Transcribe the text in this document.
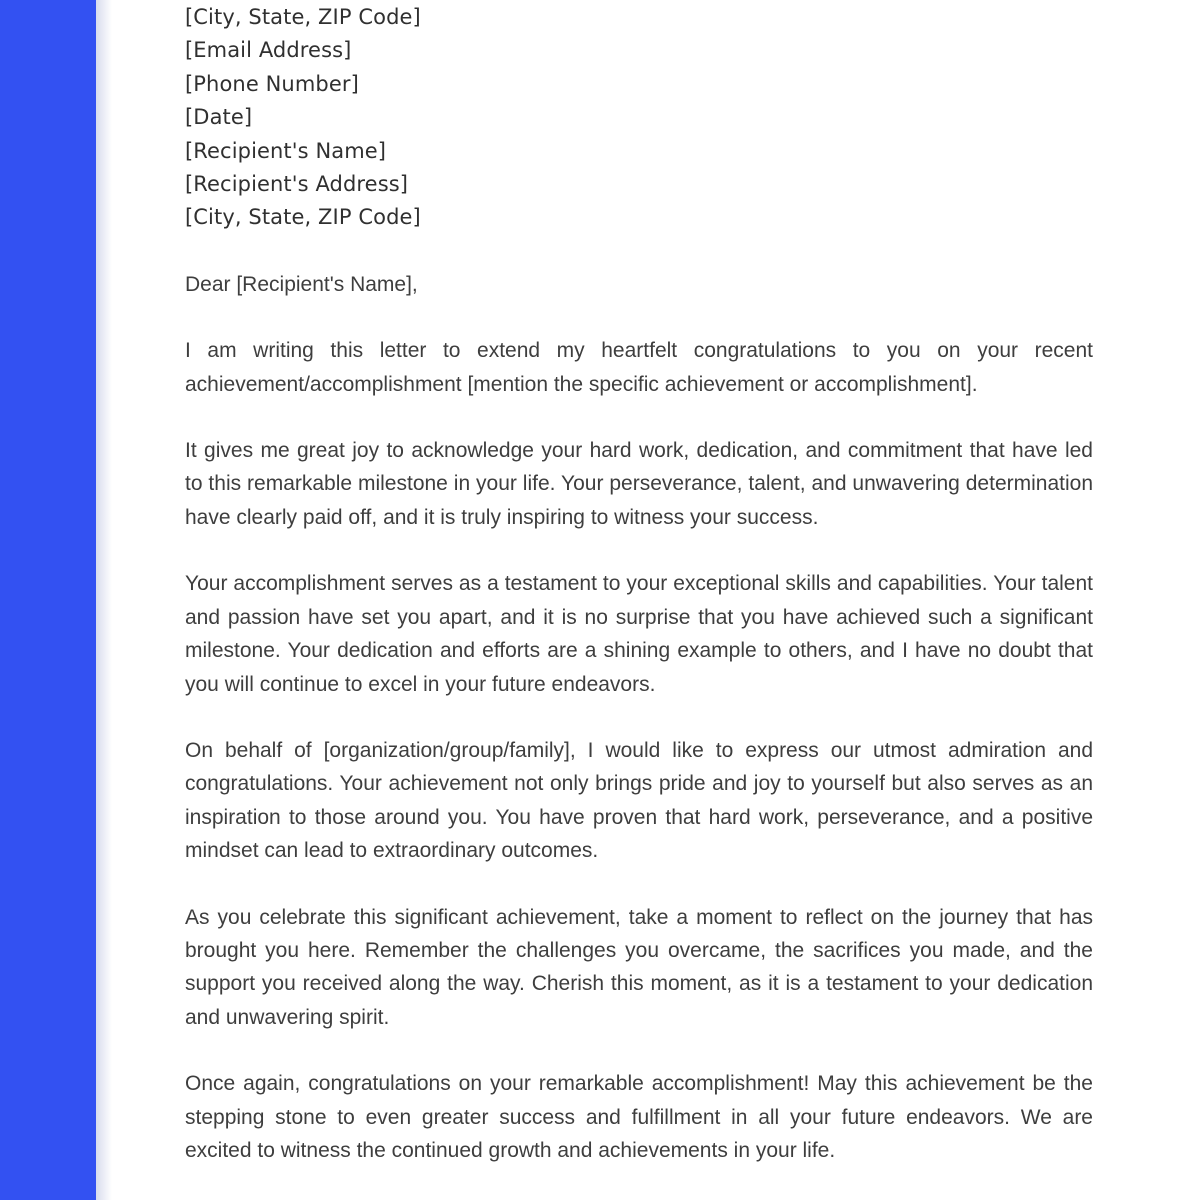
[City, State, ZIP Code]
[Email Address]
[Phone Number]
[Date]
[Recipient's Name]
[Recipient's Address]
[City, State, ZIP Code]
Dear [Recipient's Name],
I am writing this letter to extend my heartfelt congratulations to you on your recent achievement/accomplishment [mention the specific achievement or accomplishment].
It gives me great joy to acknowledge your hard work, dedication, and commitment that have led to this remarkable milestone in your life. Your perseverance, talent, and unwavering determination have clearly paid off, and it is truly inspiring to witness your success.
Your accomplishment serves as a testament to your exceptional skills and capabilities. Your talent and passion have set you apart, and it is no surprise that you have achieved such a significant milestone. Your dedication and efforts are a shining example to others, and I have no doubt that you will continue to excel in your future endeavors.
On behalf of [organization/group/family], I would like to express our utmost admiration and congratulations. Your achievement not only brings pride and joy to yourself but also serves as an inspiration to those around you. You have proven that hard work, perseverance, and a positive mindset can lead to extraordinary outcomes.
As you celebrate this significant achievement, take a moment to reflect on the journey that has brought you here. Remember the challenges you overcame, the sacrifices you made, and the support you received along the way. Cherish this moment, as it is a testament to your dedication and unwavering spirit.
Once again, congratulations on your remarkable accomplishment! May this achievement be the stepping stone to even greater success and fulfillment in all your future endeavors. We are excited to witness the continued growth and achievements in your life.
